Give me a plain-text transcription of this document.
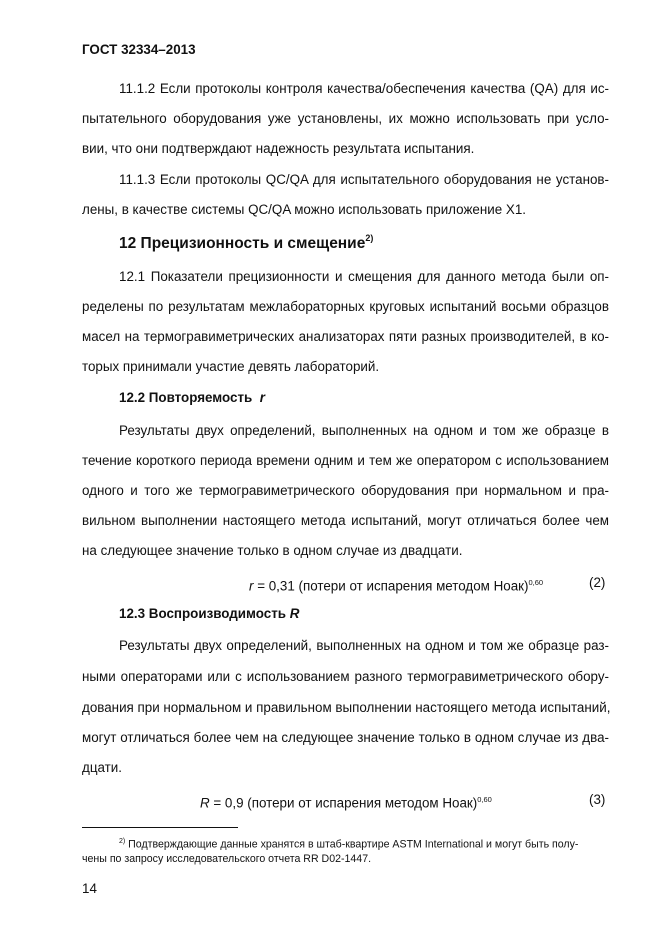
ГОСТ 32334–2013
11.1.2 Если протоколы контроля качества/обеспечения качества (QA) для ис-
пытательного оборудования уже установлены, их можно использовать при усло-
вии, что они подтверждают надежность результата испытания.
11.1.3 Если протоколы QC/QA для испытательного оборудования не установ-
лены, в качестве системы QC/QA можно использовать приложение Х1.
12 Прецизионность и смещение$^{2)}$
12.1 Показатели прецизионности и смещения для данного метода были оп-
ределены по результатам межлабораторных круговых испытаний восьми образцов
масел на термогравиметрических анализаторах пяти разных производителей, в ко-
торых принимали участие девять лабораторий.
12.2 Повторяемость r
Результаты двух определений, выполненных на одном и том же образце в
течение короткого периода времени одним и тем же оператором с использованием
одного и того же термогравиметрического оборудования при нормальном и пра-
вильном выполнении настоящего метода испытаний, могут отличаться более чем
на следующее значение только в одном случае из двадцати.
r = 0,31 (потери от испарения методом Ноак)$^{0,60}$	(2)
12.3 Воспроизводимость R
Результаты двух определений, выполненных на одном и том же образце раз-
ными операторами или с использованием разного термогравиметрического обору-
дования при нормальном и правильном выполнении настоящего метода испытаний,
могут отличаться более чем на следующее значение только в одном случае из два-
дцати.
R = 0,9 (потери от испарения методом Ноак)$^{0,60}$	(3)
$^{2)}$ Подтверждающие данные хранятся в штаб-квартире ASTM International и могут быть полу-
чены по запросу исследовательского отчета RR D02-1447.
14
